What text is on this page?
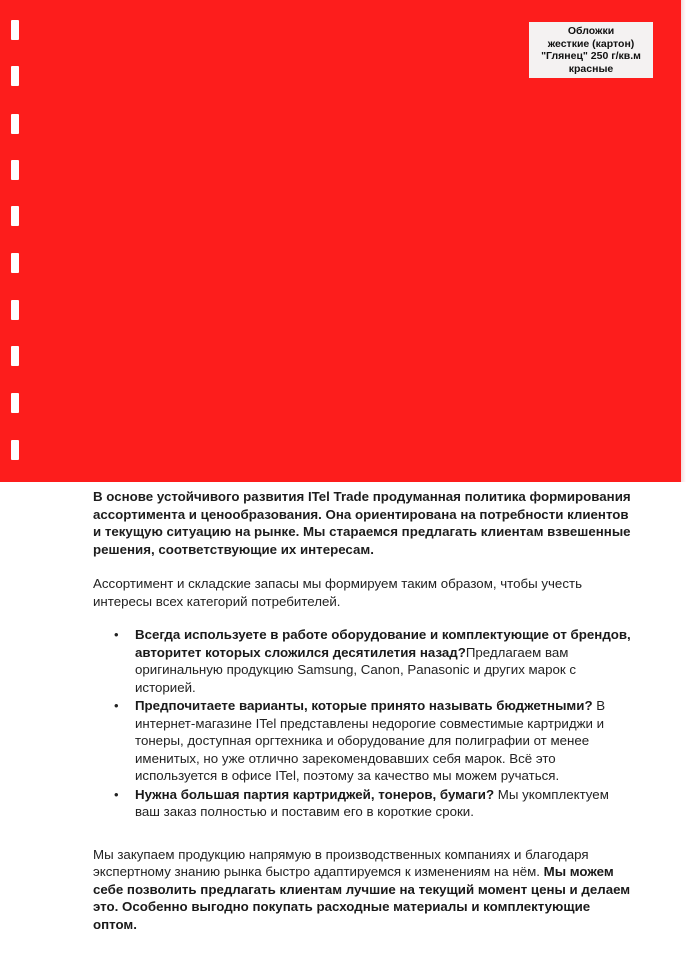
Обложки
жесткие (картон)
"Глянец" 250 г/кв.м
красные

В основе устойчивого развития ITel Trade продуманная политика формирования ассортимента и ценообразования. Она ориентирована на потребности клиентов и текущую ситуацию на рынке. Мы стараемся предлагать клиентам взвешенные решения, соответствующие их интересам.

Ассортимент и складские запасы мы формируем таким образом, чтобы учесть интересы всех категорий потребителей.

• Всегда используете в работе оборудование и комплектующие от брендов, авторитет которых сложился десятилетия назад?Предлагаем вам оригинальную продукцию Samsung, Canon, Panasonic и других марок с историей.
• Предпочитаете варианты, которые принято называть бюджетными? В интернет-магазине ITel представлены недорогие совместимые картриджи и тонеры, доступная оргтехника и оборудование для полиграфии от менее именитых, но уже отлично зарекомендовавших себя марок. Всё это используется в офисе ITel, поэтому за качество мы можем ручаться.
• Нужна большая партия картриджей, тонеров, бумаги? Мы укомплектуем ваш заказ полностью и поставим его в короткие сроки.

Мы закупаем продукцию напрямую в производственных компаниях и благодаря экспертному знанию рынка быстро адаптируемся к изменениям на нём. Мы можем себе позволить предлагать клиентам лучшие на текущий момент цены и делаем это. Особенно выгодно покупать расходные материалы и комплектующие оптом.
